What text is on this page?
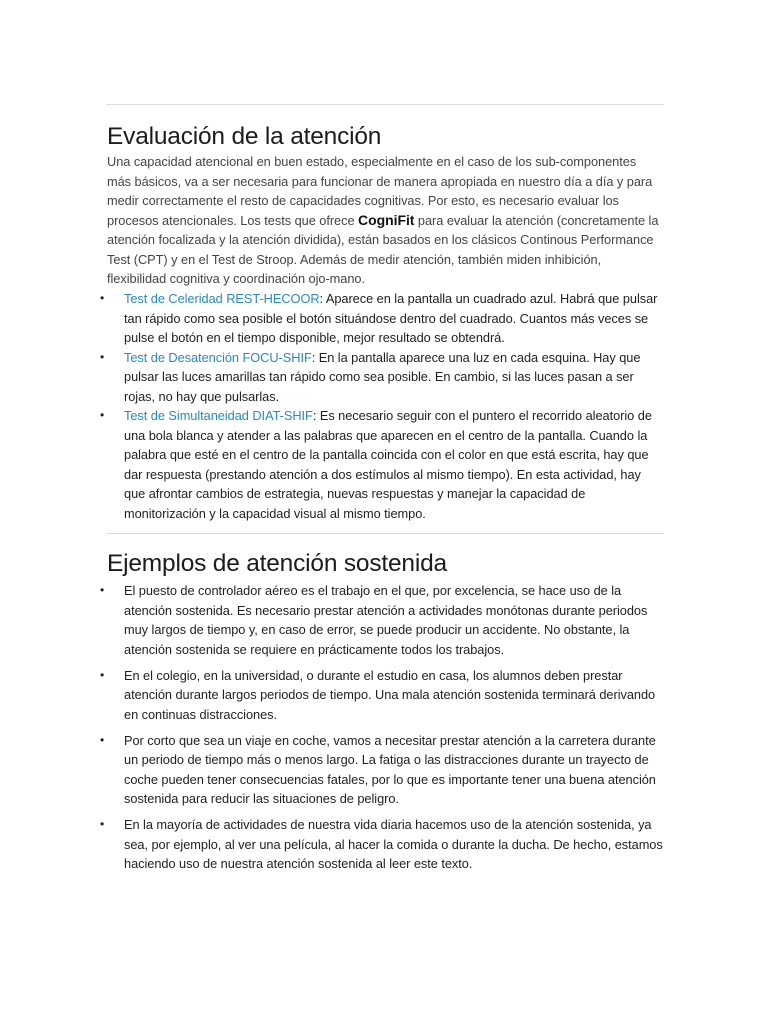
Evaluación de la atención

Una capacidad atencional en buen estado, especialmente en el caso de los sub-componentes más básicos, va a ser necesaria para funcionar de manera apropiada en nuestro día a día y para medir correctamente el resto de capacidades cognitivas. Por esto, es necesario evaluar los procesos atencionales. Los tests que ofrece CogniFit para evaluar la atención (concretamente la atención focalizada y la atención dividida), están basados en los clásicos Continous Performance Test (CPT) y en el Test de Stroop. Además de medir atención, también miden inhibición, flexibilidad cognitiva y coordinación ojo-mano.

• Test de Celeridad REST-HECOOR: Aparece en la pantalla un cuadrado azul. Habrá que pulsar tan rápido como sea posible el botón situándose dentro del cuadrado. Cuantos más veces se pulse el botón en el tiempo disponible, mejor resultado se obtendrá.
• Test de Desatención FOCU-SHIF: En la pantalla aparece una luz en cada esquina. Hay que pulsar las luces amarillas tan rápido como sea posible. En cambio, si las luces pasan a ser rojas, no hay que pulsarlas.
• Test de Simultaneidad DIAT-SHIF: Es necesario seguir con el puntero el recorrido aleatorio de una bola blanca y atender a las palabras que aparecen en el centro de la pantalla. Cuando la palabra que esté en el centro de la pantalla coincida con el color en que está escrita, hay que dar respuesta (prestando atención a dos estímulos al mismo tiempo). En esta actividad, hay que afrontar cambios de estrategia, nuevas respuestas y manejar la capacidad de monitorización y la capacidad visual al mismo tiempo.
Ejemplos de atención sostenida
• El puesto de controlador aéreo es el trabajo en el que, por excelencia, se hace uso de la atención sostenida. Es necesario prestar atención a actividades monótonas durante periodos muy largos de tiempo y, en caso de error, se puede producir un accidente. No obstante, la atención sostenida se requiere en prácticamente todos los trabajos.
• En el colegio, en la universidad, o durante el estudio en casa, los alumnos deben prestar atención durante largos periodos de tiempo. Una mala atención sostenida terminará derivando en continuas distracciones.
• Por corto que sea un viaje en coche, vamos a necesitar prestar atención a la carretera durante un periodo de tiempo más o menos largo. La fatiga o las distracciones durante un trayecto de coche pueden tener consecuencias fatales, por lo que es importante tener una buena atención sostenida para reducir las situaciones de peligro.
• En la mayoría de actividades de nuestra vida diaria hacemos uso de la atención sostenida, ya sea, por ejemplo, al ver una película, al hacer la comida o durante la ducha. De hecho, estamos haciendo uso de nuestra atención sostenida al leer este texto.
